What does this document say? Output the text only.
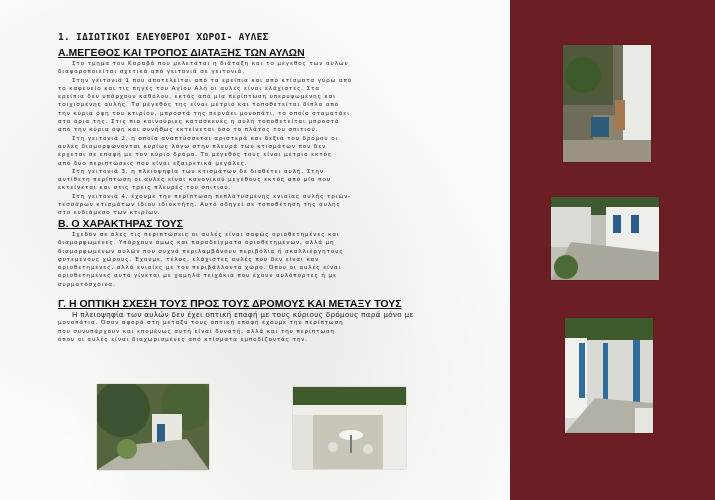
1. ΙΔΙΩΤΙΚΟΙ ΕΛΕΥΘΕΡΟΙ ΧΩΡΟΙ- ΑΥΛΕΣ
Α.ΜΕΓΕΘΟΣ ΚΑΙ ΤΡΟΠΟΣ ΔΙΑΤΑΞΗΣ ΤΩΝ ΑΥΛΩΝ
Στο τμημα του Καραβά που μελετάται η διάταξη και το μέγεθος των αυλών
διαφοροποιείται σχετικά από γειτονιά σε γειτονιά.
Στην γειτονιά 1 που αποτελείται από τα ερείπια και από κτίσματα γύρω από
το καφενείο και τις πηγές του Αγίου Αλή οι αυλές είναι ελάχιστες. Στα
ερείπια δεν υπάρχουν καθόλου, εκτός από μία περίπτωση υπερυψωμένης και
τοιχισμένης αυλής. Το μέγεθός της είναι μέτριο και τοποθετείται δίπλα από
την κύρια όψη του κτιρίου, μπροστά της περνάει μονοπάτι, το οποίο σταματάει
στα όρια της. Στις πιο καινούριες κατασκευές η αυλή τοποθετείται μπροστά
από την κύρια όψη και συνήθως εκτείνεται όσο το πλάτος του σπιτιού.
Στη γειτονιά 2, η οποία αναπτύσσεται αριστερά και δεξιά του δρόμου οι
αυλές διαμορφώνονται κυρίως λόγω στην πλευρά των κτισμάτων που δεν
έρχεται σε επαφή με τον κύριο δρόμο. Το μέγεθός τους είναι μέτριο εκτός
από δύο περιπτώσεις που είναι εξαιρετικά μεγάλες.
Στη γειτονιά 3, η πλειοψηφία των κτισμάτων δε διαθέτει αυλή. Στην
αντίθετη περίπτωση οι αυλές είναι κανονικού μεγέθους εκτός από μία που
εκτείνεται και στις τρεις πλευρές του σπιτιού.
Στη γειτονιά 4, έχουμε την περίπτωση πεπλατυσμένης ενιαίας αυλής τριών-
τεσσάρων κτισμάτων ίδιου ιδιοκτήτη. Αυτό οδηγεί σε τοποθέτηση της αυλής
στο ενδιάμεσο των κτιρίων.
Β. Ο ΧΑΡΑΚΤΗΡΑΣ ΤΟΥΣ
Σχεδόν σε όλες τις περιπτώσεις οι αυλές είναι σαφώς οριοθετημένες και
διαμορφωμένες. Υπάρχουν όμως και παραδείγματα οριοθετημένων, αλλά μη
διαμορφωμένων αυλών που συχνά περιλαμβάνουν περιβόλια ή ακαλλιέργητους
φυτεμένους χώρους. Έχουμε, τέλος, ελάχιστες αυλές που δεν είναι καν
οριοθετημένες, αλλά ενιαίες με τον περιβάλλοντα χώρο. Όπου οι αυλές είναι
οριοθετημένες αυτό γίνεται με χαμηλά τειχάκια που έχουν αυλόπορτες ή με
συρματόσχοινα.
Γ. Η ΟΠΤΙΚΗ ΣΧΕΣΗ ΤΟΥΣ ΠΡΟΣ ΤΟΥΣ ΔΡΟΜΟΥΣ ΚΑΙ ΜΕΤΑΞΥ ΤΟΥΣ
Η πλειοψηφία των αυλών δεν έχει οπτική επαφή με τους κύριους δρόμους παρά μόνο με
μονοπάτια. Όσον αφορά στη μεταξύ τους οπτική επαφή έχουμε την περίπτωση
που συνυπάρχουν και επομένως αυτή είναι δυνατή, αλλά και την περίπτωση
όπου οι αυλές είναι διαχωρισμένες από κτίσματα εμποδίζοντάς την.
